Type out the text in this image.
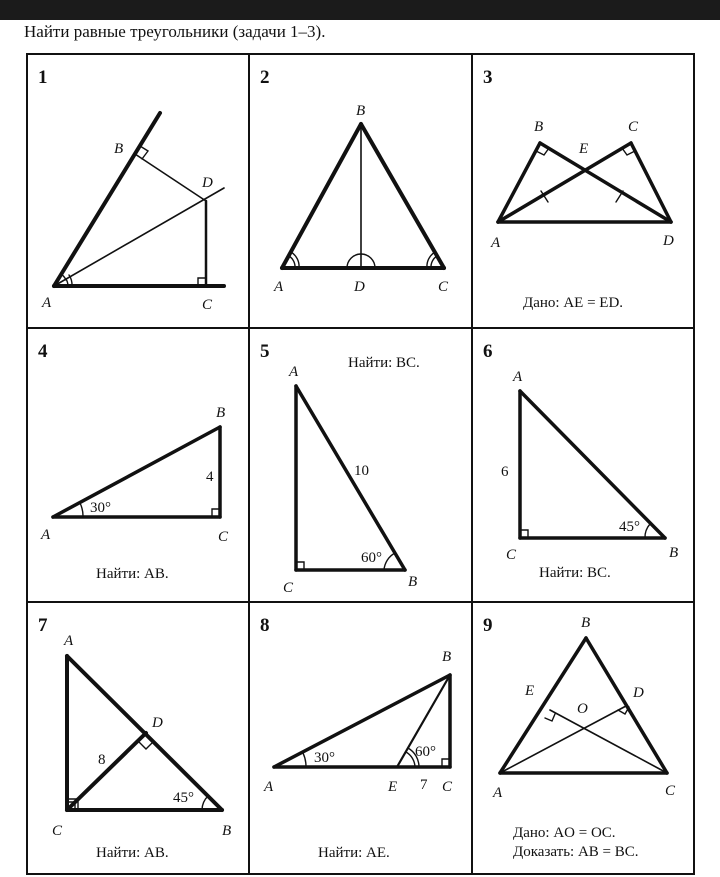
Найти равные треугольники (задачи 1–3).
1
A
B
C
D
2
B
A	D	C
3
B	C
E
A	D
Дано: AE = ED.
4
30°
4
A
B
C
Найти: AB.
5
60°
10
A
C	B
Найти: BC.
6
45°
6
A
C	B
Найти: BC.
7
45°
8
A
D
C	B
Найти: AB.
8
30°	60°
7
A	E	C
B
Найти: AE.
9	B
E	D
O
A	C
Дано: AO = OC.
Доказать: AB = BC.
